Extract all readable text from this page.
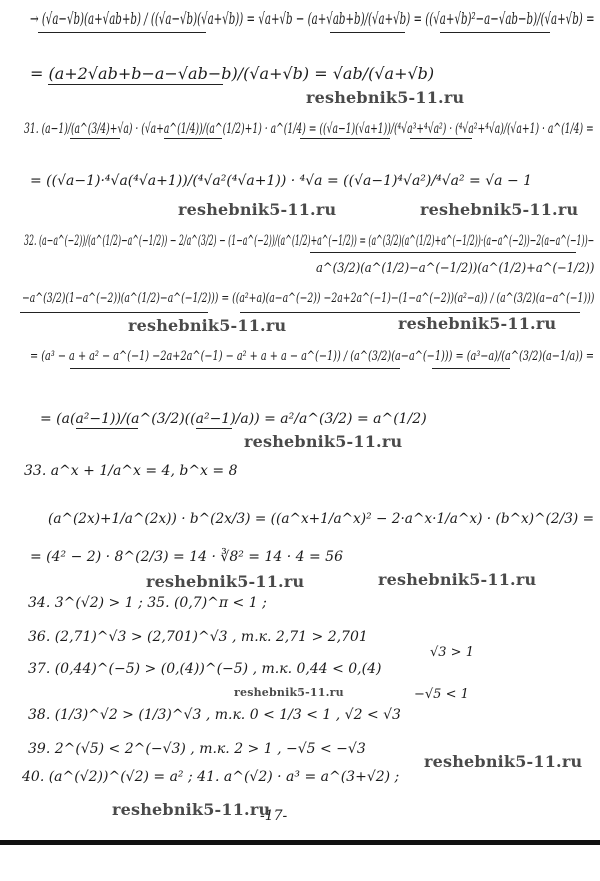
→ (√a−√b)(a+√ab+b) / ((√a−√b)(√a+√b)) = √a+√b − (a+√ab+b)/(√a+√b) = ((√a+√b)²−a−√ab−b)/(√a+√b) =
= (a+2√ab+b−a−√ab−b)/(√a+√b) = √ab/(√a+√b)
reshebnik5-11.ru
31. (a−1)/(a^(3/4)+√a) · (√a+a^(1/4))/(a^(1/2)+1) · a^(1/4) = ((√a−1)(√a+1))/(⁴√a³+⁴√a²) · (⁴√a²+⁴√a)/(√a+1) · a^(1/4) =
= ((√a−1)·⁴√a(⁴√a+1))/(⁴√a²(⁴√a+1)) · ⁴√a = ((√a−1)⁴√a²)/⁴√a² = √a − 1
reshebnik5-11.ru	reshebnik5-11.ru
32. (a−a^(−2))/(a^(1/2)−a^(−1/2)) − 2/a^(3/2) − (1−a^(−2))/(a^(1/2)+a^(−1/2)) = (a^(3/2)(a^(1/2)+a^(−1/2))·(a−a^(−2))−2(a−a^(−1))−
a^(3/2)(a^(1/2)−a^(−1/2))(a^(1/2)+a^(−1/2))
−a^(3/2)(1−a^(−2))(a^(1/2)−a^(−1/2))) = ((a²+a)(a−a^(−2)) −2a+2a^(−1)−(1−a^(−2))(a²−a)) / (a^(3/2)(a−a^(−1)))
reshebnik5-11.ru	reshebnik5-11.ru
= (a³ − a + a² − a^(−1) −2a+2a^(−1) − a² + a + a − a^(−1)) / (a^(3/2)(a−a^(−1))) = (a³−a)/(a^(3/2)(a−1/a)) =
= (a(a²−1))/(a^(3/2)((a²−1)/a)) = a²/a^(3/2) = a^(1/2)
reshebnik5-11.ru
33. a^x + 1/a^x = 4, b^x = 8
(a^(2x)+1/a^(2x)) · b^(2x/3) = ((a^x+1/a^x)² − 2·a^x·1/a^x) · (b^x)^(2/3) =
= (4² − 2) · 8^(2/3) = 14 · ∛8² = 14 · 4 = 56
reshebnik5-11.ru	reshebnik5-11.ru
34. 3^(√2) > 1 ; 35. (0,7)^π < 1 ;
36. (2,71)^√3 > (2,701)^√3 , т.к. 2,71 > 2,701
√3 > 1
37. (0,44)^(−5) > (0,(4))^(−5) , т.к. 0,44 < 0,(4)
−√5 < 1
reshebnik5-11.ru
38. (1/3)^√2 > (1/3)^√3 , т.к. 0 < 1/3 < 1 , √2 < √3
39. 2^(√5) < 2^(−√3) , т.к. 2 > 1 , −√5 < −√3
reshebnik5-11.ru
40. (a^(√2))^(√2) = a² ; 41. a^(√2) · a³ = a^(3+√2) ;
reshebnik5-11.ru
-17-
